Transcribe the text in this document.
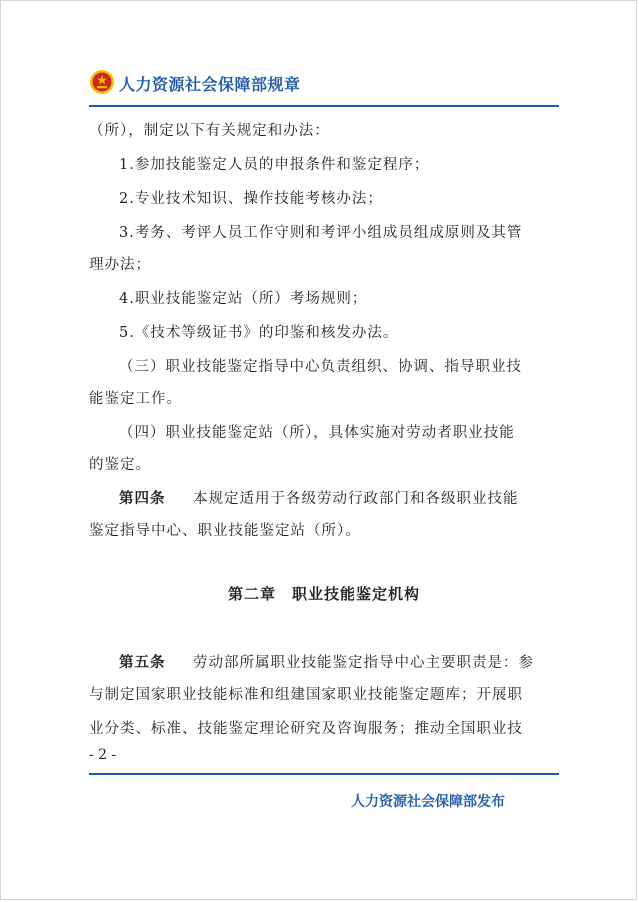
人力资源社会保障部规章
（所），制定以下有关规定和办法：
1.参加技能鉴定人员的申报条件和鉴定程序；
2.专业技术知识、操作技能考核办法；
3.考务、考评人员工作守则和考评小组成员组成原则及其管
理办法；
4.职业技能鉴定站（所）考场规则；
5.《技术等级证书》的印鉴和核发办法。
（三）职业技能鉴定指导中心负责组织、协调、指导职业技
能鉴定工作。
（四）职业技能鉴定站（所），具体实施对劳动者职业技能
的鉴定。
第四条 本规定适用于各级劳动行政部门和各级职业技能
鉴定指导中心、职业技能鉴定站（所）。
第二章　职业技能鉴定机构
第五条 劳动部所属职业技能鉴定指导中心主要职责是：参
与制定国家职业技能标准和组建国家职业技能鉴定题库；开展职
业分类、标准、技能鉴定理论研究及咨询服务；推动全国职业技
- 2 -
人力资源社会保障部发布
